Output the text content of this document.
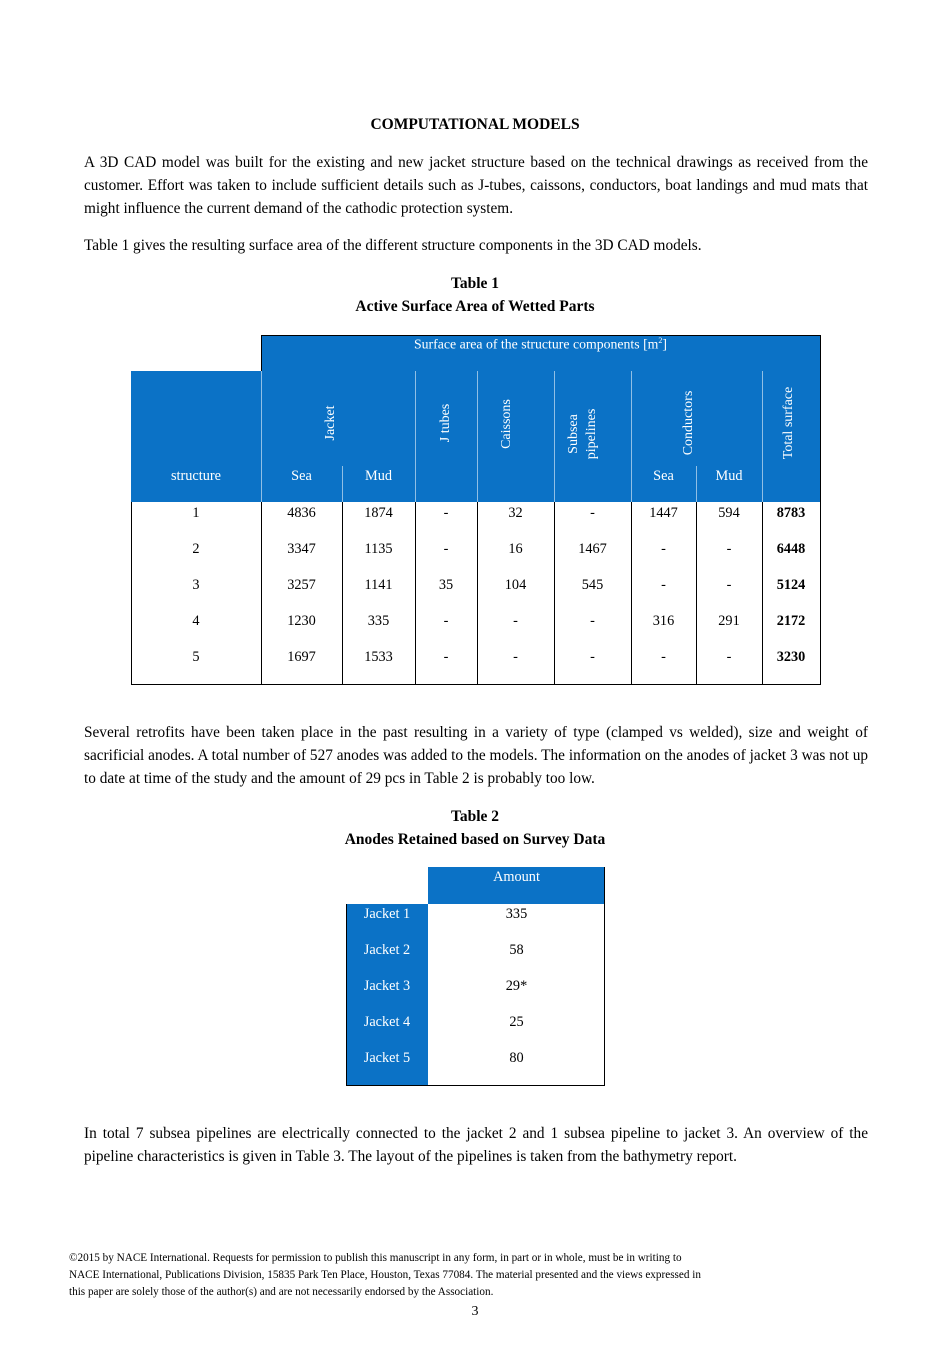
COMPUTATIONAL MODELS

A 3D CAD model was built for the existing and new jacket structure based on the technical drawings as received from the customer. Effort was taken to include sufficient details such as J-tubes, caissons, conductors, boat landings and mud mats that might influence the current demand of the cathodic protection system.

Table 1 gives the resulting surface area of the different structure components in the 3D CAD models.

Table 1
Active Surface Area of Wetted Parts
Surface area of the structure components $[m^2]$
Jacket	J tubes	Caissons	Subsea pipelines	Conductors	Total surface
structure	Sea	Mud	Sea	Mud
1	4836	1874	-	32	-	1447	594	8783
2	3347	1135	-	16	1467	-	-	6448
3	3257	1141	35	104	545	-	-	5124
4	1230	335	-	-	-	316	291	2172
5	1697	1533	-	-	-	-	-	3230

Several retrofits have been taken place in the past resulting in a variety of type (clamped vs welded), size and weight of sacrificial anodes. A total number of 527 anodes was added to the models. The information on the anodes of jacket 3 was not up to date at time of the study and the amount of 29 pcs in Table 2 is probably too low.

Table 2
Anodes Retained based on Survey Data
Amount
Jacket 1	335
Jacket 2	58
Jacket 3	29*
Jacket 4	25
Jacket 5	80

In total 7 subsea pipelines are electrically connected to the jacket 2 and 1 subsea pipeline to jacket 3. An overview of the pipeline characteristics is given in Table 3. The layout of the pipelines is taken from the bathymetry report.

©2015 by NACE International. Requests for permission to publish this manuscript in any form, in part or in whole, must be in writing to
NACE International, Publications Division, 15835 Park Ten Place, Houston, Texas 77084. The material presented and the views expressed in
this paper are solely those of the author(s) and are not necessarily endorsed by the Association.
3
